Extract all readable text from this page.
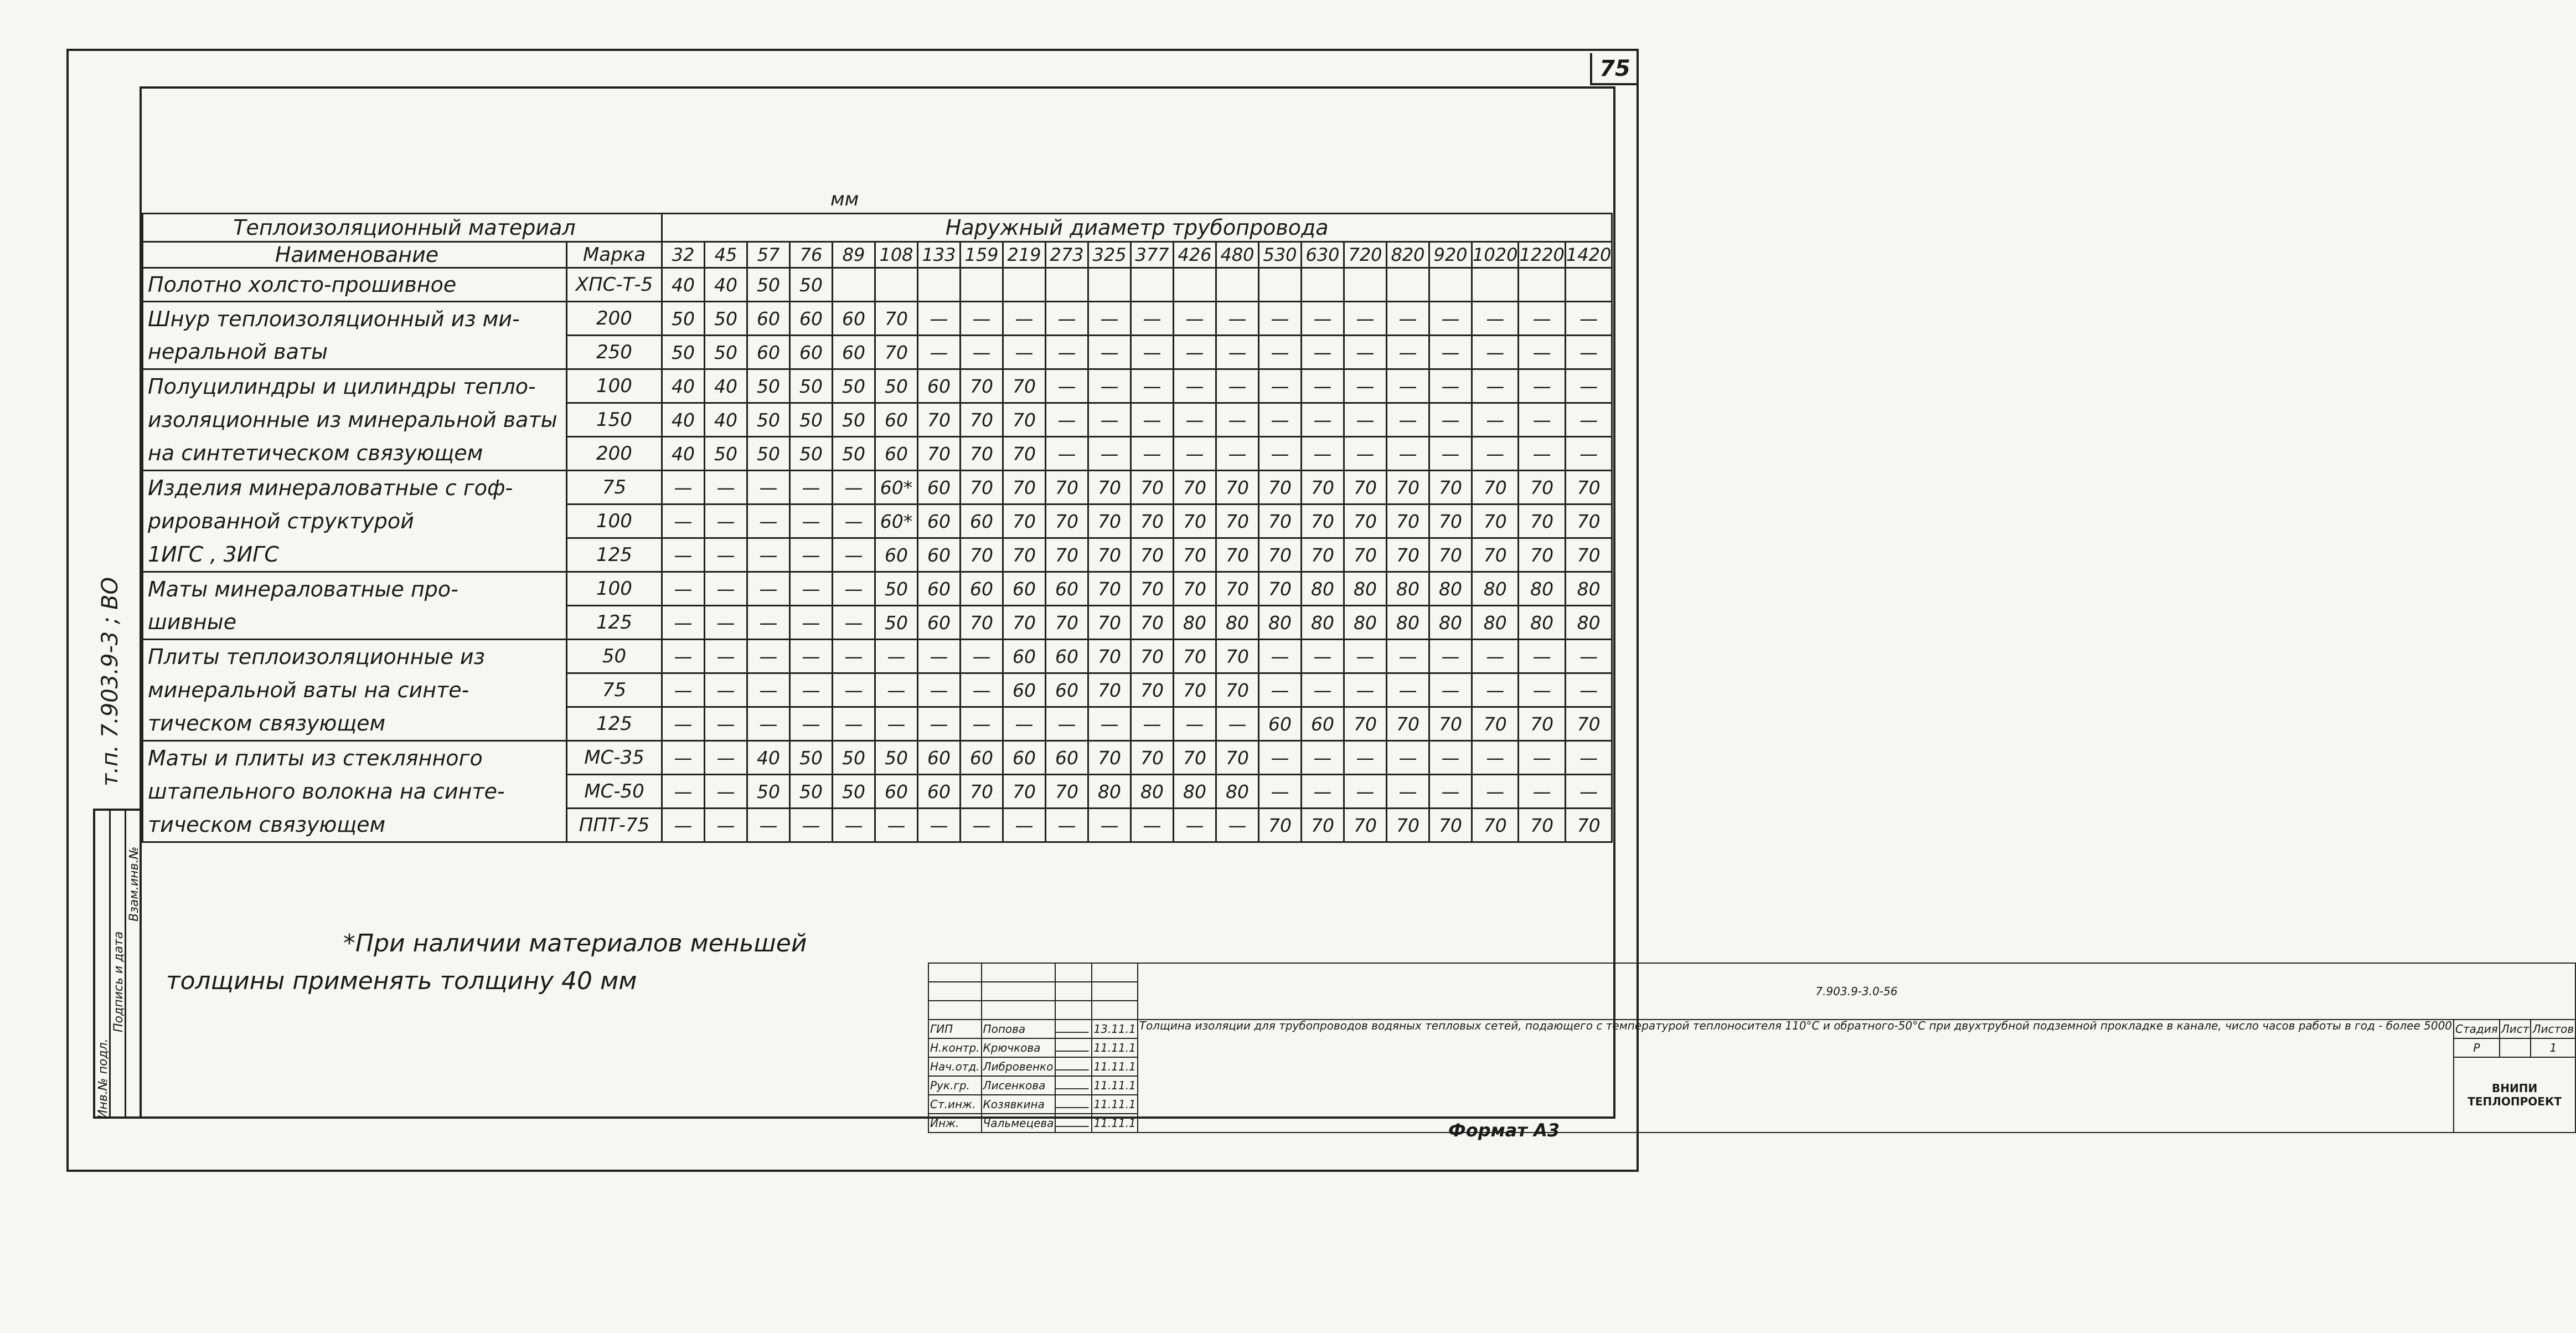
75
т.п. 7.903.9-3 ; ВО
Инв.№ подл.
Подпись и дата
Взам.инв.№
мм
Теплоизоляционный материал		Наружный диаметр трубопровода																					
Наименование	Марка	32	45	57	76	89	108	133	159	219	273	325	377	426	480	530	630	720	820	920	1020	1220	1420
Полотно холсто-прошивное	ХПС-Т-5	40	40	50	50																		
Шнур теплоизоляционный из ми-	200	50	50	60	60	60	70	—	—	—	—	—	—	—	—	—	—	—	—	—	—	—	—
неральной ваты	250	50	50	60	60	60	70	—	—	—	—	—	—	—	—	—	—	—	—	—	—	—	—
Полуцилиндры и цилиндры тепло-	100	40	40	50	50	50	50	60	70	70	—	—	—	—	—	—	—	—	—	—	—	—	—
изоляционные из минеральной ваты	150	40	40	50	50	50	60	70	70	70	—	—	—	—	—	—	—	—	—	—	—	—	—
на синтетическом связующем	200	40	50	50	50	50	60	70	70	70	—	—	—	—	—	—	—	—	—	—	—	—	—
Изделия минераловатные с гоф-	75	—	—	—	—	—	60*	60	70	70	70	70	70	70	70	70	70	70	70	70	70	70	70
рированной структурой	100	—	—	—	—	—	60*	60	60	70	70	70	70	70	70	70	70	70	70	70	70	70	70
1ИГС , 3ИГС	125	—	—	—	—	—	60	60	70	70	70	70	70	70	70	70	70	70	70	70	70	70	70
Маты минераловатные про-	100	—	—	—	—	—	50	60	60	60	60	70	70	70	70	70	80	80	80	80	80	80	80
шивные	125	—	—	—	—	—	50	60	70	70	70	70	70	80	80	80	80	80	80	80	80	80	80
Плиты теплоизоляционные из	50	—	—	—	—	—	—	—	—	60	60	70	70	70	70	—	—	—	—	—	—	—	—
минеральной ваты на синте-	75	—	—	—	—	—	—	—	—	60	60	70	70	70	70	—	—	—	—	—	—	—	—
тическом связующем	125	—	—	—	—	—	—	—	—	—	—	—	—	—	—	60	60	70	70	70	70	70	70
Маты и плиты из стеклянного	МС-35	—	—	40	50	50	50	60	60	60	60	70	70	70	70	—	—	—	—	—	—	—	—
штапельного волокна на синте-	МС-50	—	—	50	50	50	60	60	70	70	70	80	80	80	80	—	—	—	—	—	—	—	—
тическом связующем	ППТ-75	—	—	—	—	—	—	—	—	—	—	—	—	—	—	70	70	70	70	70	70	70	70
*При наличии материалов меньшей
толщины применять толщину 40 мм
					7.903.9-3.0-56			

ГИП	Попова		13.11.1	Толщина изоляции для трубопроводов водяных тепловых сетей, подающего с температурой теплоносителя 110°С и обратного-50°С при двухтрубной подземной прокладке в канале, число часов работы в год - более 5000	Стадия	Лист	Листов
Н.контр.	Крючкова		11.11.1		Р		1
Нач.отд.	Либровенко		11.11.1		ВНИПИ
ТЕПЛОПРОЕКТ		

Рук.гр.	Лисенкова		11.11.1				
Ст.инж.	Козявкина		11.11.1				
Инж.	Чальмецева		11.11.1					Формат А3
